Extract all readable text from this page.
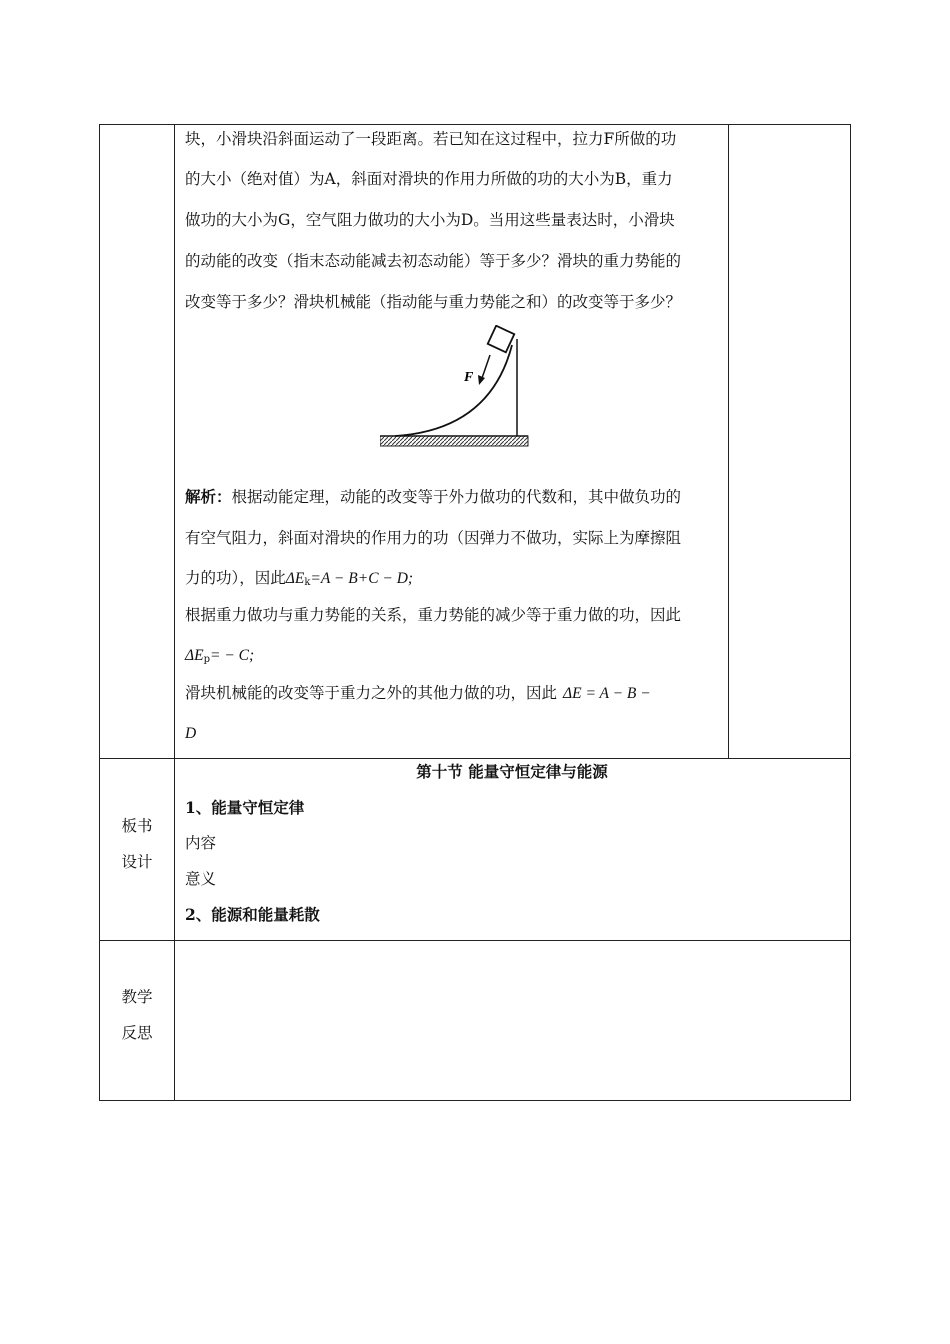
块，小滑块沿斜面运动了一段距离。若已知在这过程中，拉力F所做的功
的大小（绝对值）为A，斜面对滑块的作用力所做的功的大小为B，重力
做功的大小为G，空气阻力做功的大小为D。当用这些量表达时，小滑块
的动能的改变（指末态动能减去初态动能）等于多少？滑块的重力势能的
改变等于多少？滑块机械能（指动能与重力势能之和）的改变等于多少？
F
解析：根据动能定理，动能的改变等于外力做功的代数和，其中做负功的
有空气阻力，斜面对滑块的作用力的功（因弹力不做功，实际上为摩擦阻
力的功），因此$\Delta E_k=A - B+C - D$;
根据重力做功与重力势能的关系，重力势能的减少等于重力做的功，因此
$\Delta E_p= - C$;
滑块机械能的改变等于重力之外的其他力做的功，因此 ΔE = A − B −
D
第十节 能量守恒定律与能源
1、能量守恒定律
内容
意义
2、能源和能量耗散
板书
设计
教学
反思
